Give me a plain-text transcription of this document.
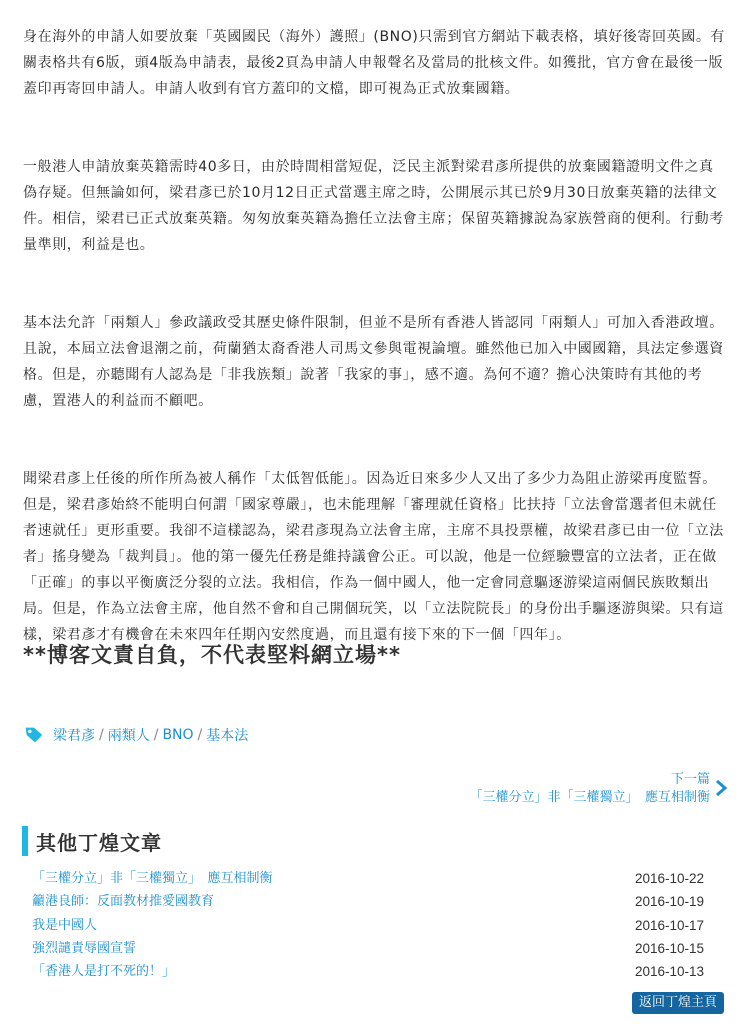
身在海外的申請人如要放棄「英國國民（海外）護照」(BNO)只需到官方網站下載表格，填好後寄回英國。有關表格共有6版，頭4版為申請表，最後2頁為申請人申報聲名及當局的批核文件。如獲批，官方會在最後一版蓋印再寄回申請人。申請人收到有官方蓋印的文檔，即可視為正式放棄國籍。

一般港人申請放棄英籍需時40多日，由於時間相當短促，泛民主派對梁君彥所提供的放棄國籍證明文件之真偽存疑。但無論如何，梁君彥已於10月12日正式當選主席之時，公開展示其已於9月30日放棄英籍的法律文件。相信，梁君已正式放棄英籍。匆匆放棄英籍為擔任立法會主席；保留英籍據說為家族營商的便利。行動考量準則，利益是也。

基本法允許「兩類人」參政議政受其歷史條件限制，但並不是所有香港人皆認同「兩類人」可加入香港政壇。且說，本屆立法會退潮之前，荷蘭猶太裔香港人司馬文參與電視論壇。雖然他已加入中國國籍，具法定參選資格。但是，亦聽聞有人認為是「非我族類」說著「我家的事」，感不適。為何不適？擔心決策時有其他的考慮，置港人的利益而不顧吧。

聞梁君彥上任後的所作所為被人稱作「太低智低能」。因為近日來多少人又出了多少力為阻止游梁再度監誓。但是，梁君彥始終不能明白何謂「國家尊嚴」，也未能理解「審理就任資格」比扶持「立法會當選者但未就任者速就任」更形重要。我卻不這樣認為，梁君彥現為立法會主席，主席不具投票權，故梁君彥已由一位「立法者」搖身變為「裁判員」。他的第一優先任務是維持議會公正。可以說，他是一位經驗豐富的立法者，正在做「正確」的事以平衡廣泛分裂的立法。我相信，作為一個中國人，他一定會同意驅逐游梁這兩個民族敗類出局。但是，作為立法會主席，他自然不會和自己開個玩笑，以「立法院院長」的身份出手驅逐游與梁。只有這樣，梁君彥才有機會在未來四年任期內安然度過，而且還有接下來的下一個「四年」。

**博客文責自負，不代表堅料網立場**
梁君彥 / 兩類人 / BNO / 基本法
下一篇
「三權分立」非「三權獨立」　應互相制衡
其他丁煌文章
「三權分立」非「三權獨立」　應互相制衡	2016-10-22
籲港良師：反面教材推愛國教育	2016-10-19
我是中國人	2016-10-17
強烈譴責辱國宣誓	2016-10-15
「香港人是打不死的！」	2016-10-13
返回丁煌主頁
